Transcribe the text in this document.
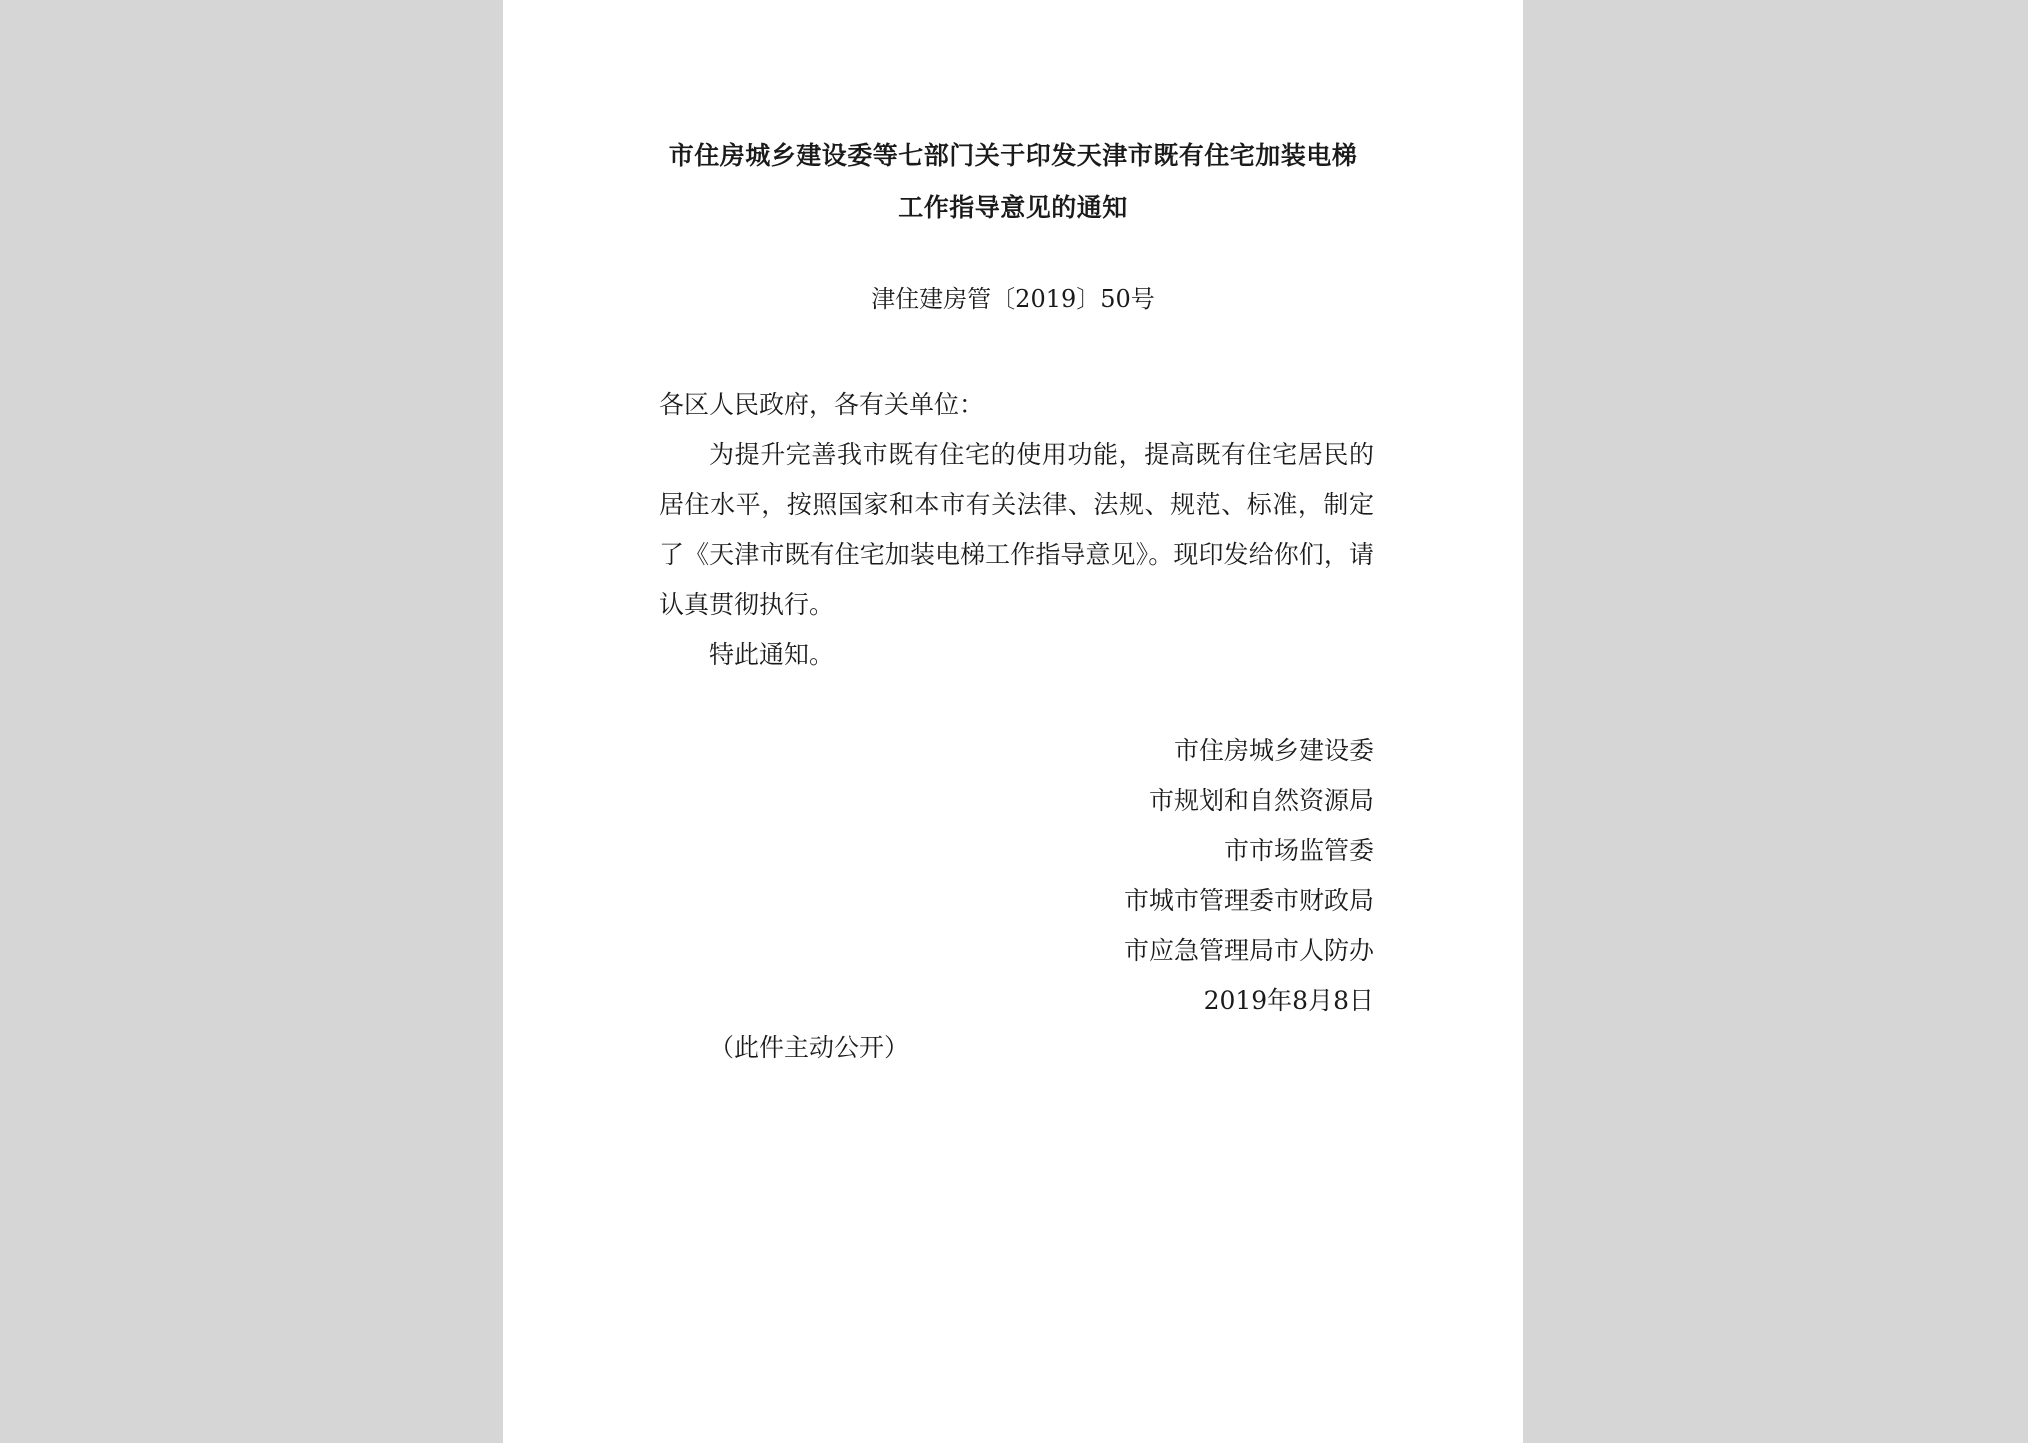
市住房城乡建设委等七部门关于印发天津市既有住宅加装电梯
工作指导意见的通知
津住建房管〔2019〕50号

各区人民政府，各有关单位：

为提升完善我市既有住宅的使用功能，提高既有住宅居民的居住水平，按照国家和本市有关法律、法规、规范、标准，制定了《天津市既有住宅加装电梯工作指导意见》。现印发给你们，请认真贯彻执行。

特此通知。

市住房城乡建设委
市规划和自然资源局
市市场监管委
市城市管理委市财政局
市应急管理局市人防办
2019年8月8日
（此件主动公开）
